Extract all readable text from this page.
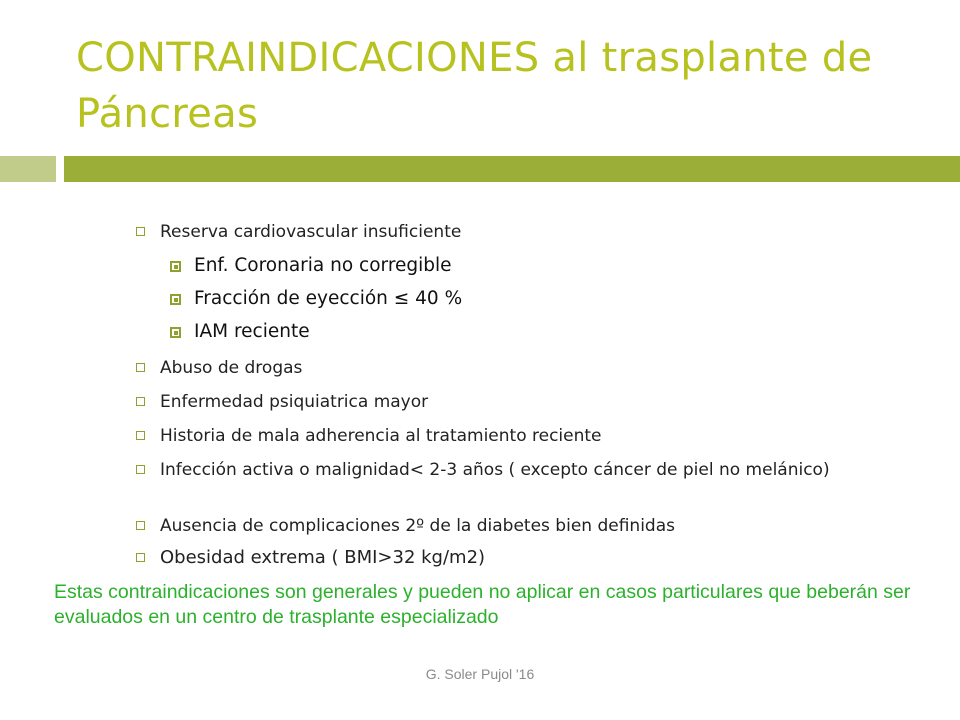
CONTRAINDICACIONES al trasplante de Páncreas
Reserva cardiovascular insuficiente
Enf. Coronaria no corregible
Fracción de eyección ≤ 40 %
IAM reciente
Abuso de drogas
Enfermedad psiquiatrica mayor
Historia de mala adherencia al tratamiento reciente
Infección activa o malignidad< 2-3 años ( excepto cáncer de piel no melánico)
Ausencia de complicaciones 2º de la diabetes bien definidas
Obesidad extrema ( BMI>32 kg/m2)
Estas contraindicaciones son generales y pueden no aplicar en casos particulares que beberán ser evaluados en un centro de trasplante especializado
G. Soler Pujol '16
